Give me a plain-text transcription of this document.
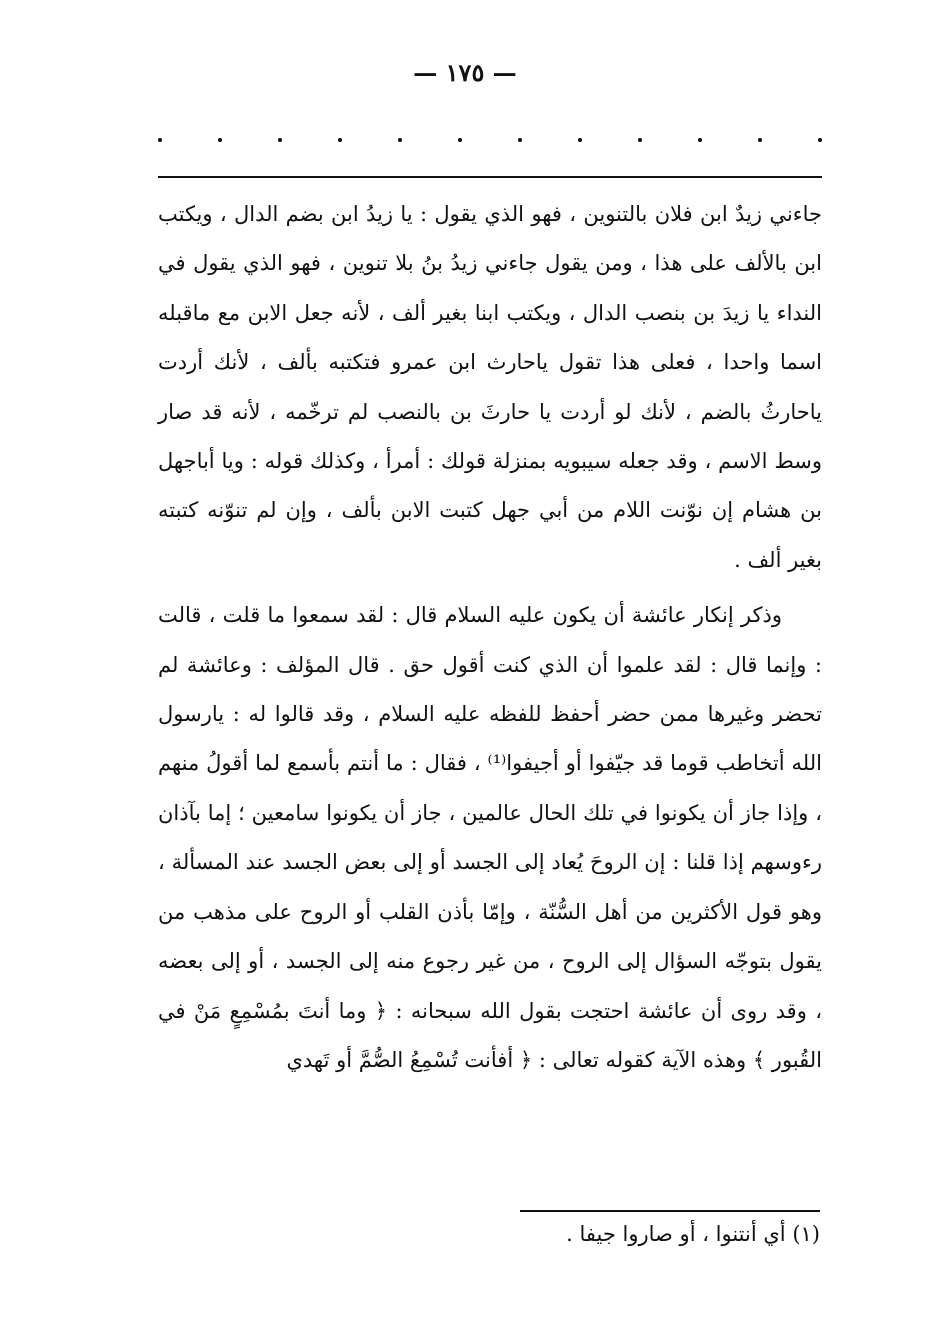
— ١٧٥ —

جاءني زيدٌ ابن فلان بالتنوين ، فهو الذي يقول : يا زيدُ ابن بضم الدال ، ويكتب ابن بالألف على هذا ، ومن يقول جاءني زيدُ بنُ بلا تنوين ، فهو الذي يقول في النداء يا زيدَ بن بنصب الدال ، ويكتب ابنا بغير ألف ، لأنه جعل الابن مع ماقبله اسما واحدا ، فعلى هذا تقول ياحارث ابن عمرو فتكتبه بألف ، لأنك أردت ياحارثُ بالضم ، لأنك لو أردت يا حارثَ بن بالنصب لم ترخّمه ، لأنه قد صار وسط الاسم ، وقد جعله سيبويه بمنزلة قولك : أمرأ ، وكذلك قوله : ويا أباجهل بن هشام إن نوّنت اللام من أبي جهل كتبت الابن بألف ، وإن لم تنوّنه كتبته بغير ألف .

وذكر إنكار عائشة أن يكون عليه السلام قال : لقد سمعوا ما قلت ، قالت : وإنما قال : لقد علموا أن الذي كنت أقول حق . قال المؤلف : وعائشة لم تحضر وغيرها ممن حضر أحفظ للفظه عليه السلام ، وقد قالوا له : يارسول الله أتخاطب قوما قد جيّفوا أو أجيفوا⁽¹⁾ ، فقال : ما أنتم بأسمع لما أقولُ منهم ، وإذا جاز أن يكونوا في تلك الحال عالمين ، جاز أن يكونوا سامعين ؛ إما بآذان رءوسهم إذا قلنا : إن الروحَ يُعاد إلى الجسد أو إلى بعض الجسد عند المسألة ، وهو قول الأكثرين من أهل السُّنّة ، وإمّا بأذن القلب أو الروح على مذهب من يقول بتوجّه السؤال إلى الروح ، من غير رجوع منه إلى الجسد ، أو إلى بعضه ، وقد روى أن عائشة احتجت بقول الله سبحانه : ﴿ وما أنتَ بمُسْمِعٍ مَنْ في القُبور ﴾ وهذه الآية كقوله تعالى : ﴿ أفأنت تُسْمِعُ الصُّمَّ أو تَهدي

(١) أي أنتنوا ، أو صاروا جيفا .
